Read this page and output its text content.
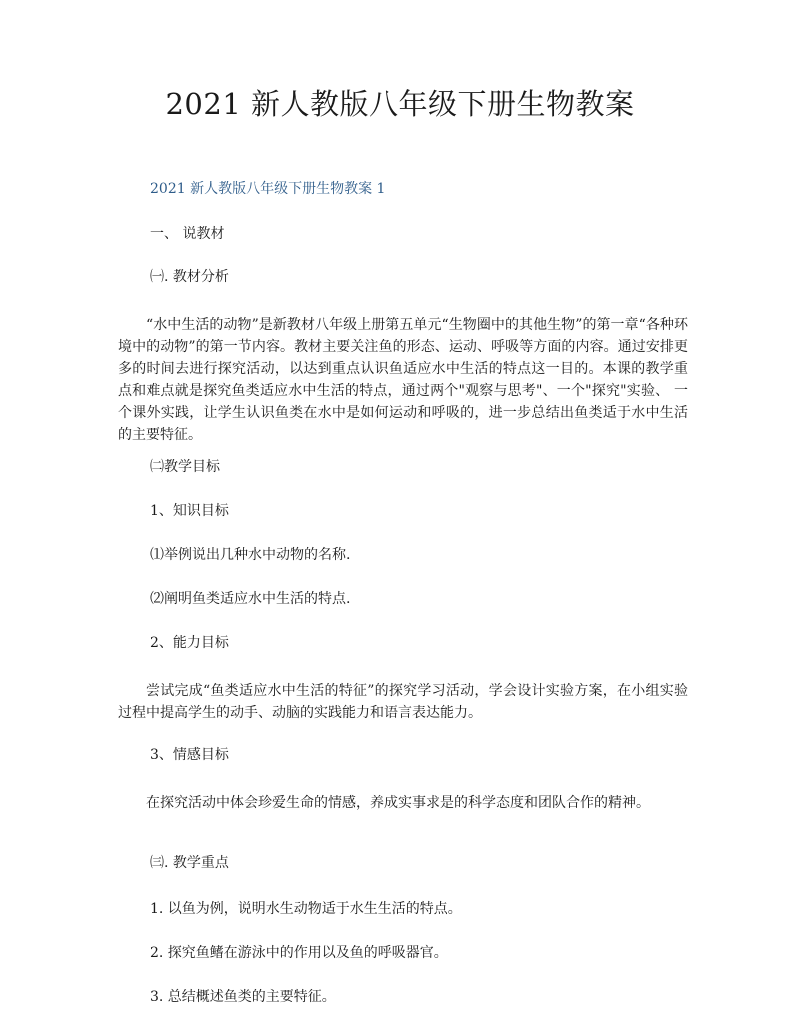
2021 新人教版八年级下册生物教案

2021 新人教版八年级下册生物教案 1

一、 说教材

㈠. 教材分析

“水中生活的动物”是新教材八年级上册第五单元“生物圈中的其他生物”的第一章“各种环境中的动物”的第一节内容。教材主要关注鱼的形态、运动、呼吸等方面的内容。通过安排更多的时间去进行探究活动，以达到重点认识鱼适应水中生活的特点这一目的。本课的教学重点和难点就是探究鱼类适应水中生活的特点，通过两个"观察与思考"、一个"探究"实验、 一个课外实践，让学生认识鱼类在水中是如何运动和呼吸的，进一步总结出鱼类适于水中生活的主要特征。

㈡教学目标

1、知识目标

⑴举例说出几种水中动物的名称.

⑵阐明鱼类适应水中生活的特点.

2、能力目标

尝试完成“鱼类适应水中生活的特征”的探究学习活动，学会设计实验方案，在小组实验过程中提高学生的动手、动脑的实践能力和语言表达能力。

3、情感目标

在探究活动中体会珍爱生命的情感，养成实事求是的科学态度和团队合作的精神。

㈢. 教学重点

1. 以鱼为例，说明水生动物适于水生生活的特点。

2. 探究鱼鳍在游泳中的作用以及鱼的呼吸器官。

3. 总结概述鱼类的主要特征。
